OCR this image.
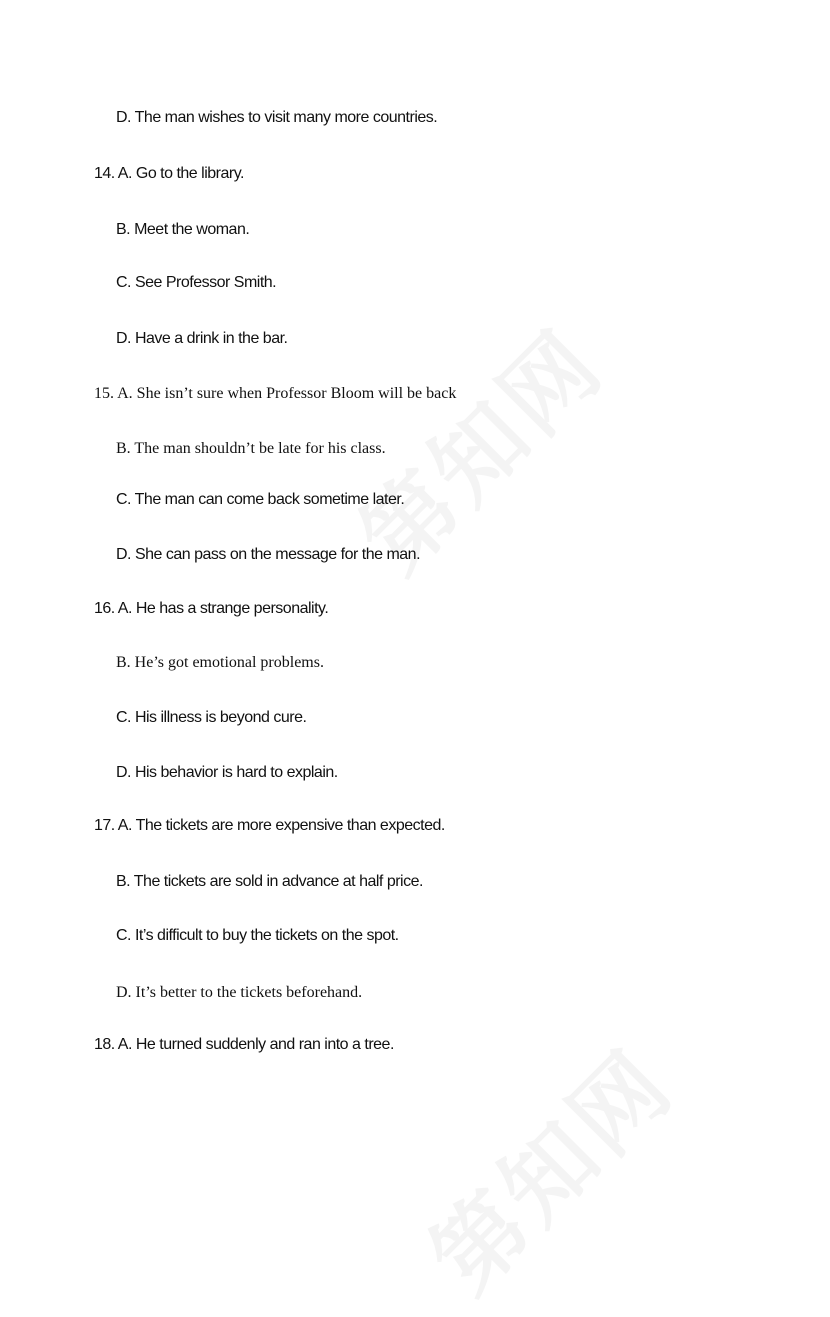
D. The man wishes to visit many more countries.
14. A. Go to the library.
B. Meet the woman.
C. See Professor Smith.
D. Have a drink in the bar.
15. A. She isn’t sure when Professor Bloom will be back
B. The man shouldn’t be late for his class.
C. The man can come back sometime later.
D. She can pass on the message for the man.
16. A. He has a strange personality.
B. He’s got emotional problems.
C. His illness is beyond cure.
D. His behavior is hard to explain.
17. A. The tickets are more expensive than expected.
B. The tickets are sold in advance at half price.
C. It’s difficult to buy the tickets on the spot.
D. It’s better to the tickets beforehand.
18. A. He turned suddenly and ran into a tree.
